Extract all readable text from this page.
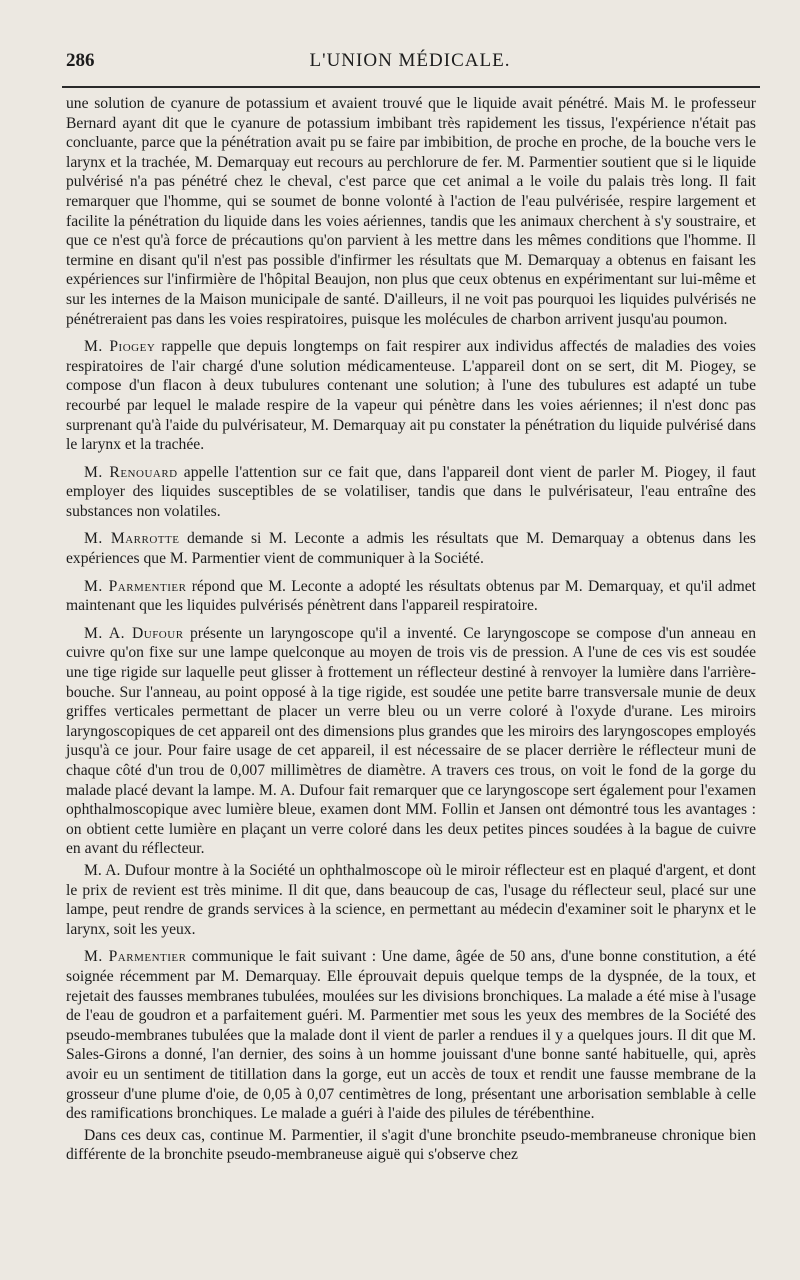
286	L'UNION MÉDICALE.

une solution de cyanure de potassium et avaient trouvé que le liquide avait pénétré. Mais M. le professeur Bernard ayant dit que le cyanure de potassium imbibant très rapidement les tissus, l'expérience n'était pas concluante, parce que la pénétration avait pu se faire par imbibition, de proche en proche, de la bouche vers le larynx et la trachée, M. Demarquay eut recours au perchlorure de fer. M. Parmentier soutient que si le liquide pulvérisé n'a pas pénétré chez le cheval, c'est parce que cet animal a le voile du palais très long. Il fait remarquer que l'homme, qui se soumet de bonne volonté à l'action de l'eau pulvérisée, respire largement et facilite la pénétration du liquide dans les voies aériennes, tandis que les animaux cherchent à s'y soustraire, et que ce n'est qu'à force de précautions qu'on parvient à les mettre dans les mêmes conditions que l'homme. Il termine en disant qu'il n'est pas possible d'infirmer les résultats que M. Demarquay a obtenus en faisant les expériences sur l'infirmière de l'hôpital Beaujon, non plus que ceux obtenus en expérimentant sur lui-même et sur les internes de la Maison municipale de santé. D'ailleurs, il ne voit pas pourquoi les liquides pulvérisés ne pénétreraient pas dans les voies respiratoires, puisque les molécules de charbon arrivent jusqu'au poumon.

M. Piogey rappelle que depuis longtemps on fait respirer aux individus affectés de maladies des voies respiratoires de l'air chargé d'une solution médicamenteuse. L'appareil dont on se sert, dit M. Piogey, se compose d'un flacon à deux tubulures contenant une solution; à l'une des tubulures est adapté un tube recourbé par lequel le malade respire de la vapeur qui pénètre dans les voies aériennes; il n'est donc pas surprenant qu'à l'aide du pulvérisateur, M. Demarquay ait pu constater la pénétration du liquide pulvérisé dans le larynx et la trachée.

M. Renouard appelle l'attention sur ce fait que, dans l'appareil dont vient de parler M. Piogey, il faut employer des liquides susceptibles de se volatiliser, tandis que dans le pulvérisateur, l'eau entraîne des substances non volatiles.

M. Marrotte demande si M. Leconte a admis les résultats que M. Demarquay a obtenus dans les expériences que M. Parmentier vient de communiquer à la Société.

M. Parmentier répond que M. Leconte a adopté les résultats obtenus par M. Demarquay, et qu'il admet maintenant que les liquides pulvérisés pénètrent dans l'appareil respiratoire.

M. A. Dufour présente un laryngoscope qu'il a inventé. Ce laryngoscope se compose d'un anneau en cuivre qu'on fixe sur une lampe quelconque au moyen de trois vis de pression. A l'une de ces vis est soudée une tige rigide sur laquelle peut glisser à frottement un réflecteur destiné à renvoyer la lumière dans l'arrière-bouche. Sur l'anneau, au point opposé à la tige rigide, est soudée une petite barre transversale munie de deux griffes verticales permettant de placer un verre bleu ou un verre coloré à l'oxyde d'urane. Les miroirs laryngoscopiques de cet appareil ont des dimensions plus grandes que les miroirs des laryngoscopes employés jusqu'à ce jour. Pour faire usage de cet appareil, il est nécessaire de se placer derrière le réflecteur muni de chaque côté d'un trou de 0,007 millimètres de diamètre. A travers ces trous, on voit le fond de la gorge du malade placé devant la lampe. M. A. Dufour fait remarquer que ce laryngoscope sert également pour l'examen ophthalmoscopique avec lumière bleue, examen dont MM. Follin et Jansen ont démontré tous les avantages : on obtient cette lumière en plaçant un verre coloré dans les deux petites pinces soudées à la bague de cuivre en avant du réflecteur.

M. A. Dufour montre à la Société un ophthalmoscope où le miroir réflecteur est en plaqué d'argent, et dont le prix de revient est très minime. Il dit que, dans beaucoup de cas, l'usage du réflecteur seul, placé sur une lampe, peut rendre de grands services à la science, en permettant au médecin d'examiner soit le pharynx et le larynx, soit les yeux.

M. Parmentier communique le fait suivant : Une dame, âgée de 50 ans, d'une bonne constitution, a été soignée récemment par M. Demarquay. Elle éprouvait depuis quelque temps de la dyspnée, de la toux, et rejetait des fausses membranes tubulées, moulées sur les divisions bronchiques. La malade a été mise à l'usage de l'eau de goudron et a parfaitement guéri. M. Parmentier met sous les yeux des membres de la Société des pseudo-membranes tubulées que la malade dont il vient de parler a rendues il y a quelques jours. Il dit que M. Sales-Girons a donné, l'an dernier, des soins à un homme jouissant d'une bonne santé habituelle, qui, après avoir eu un sentiment de titillation dans la gorge, eut un accès de toux et rendit une fausse membrane de la grosseur d'une plume d'oie, de 0,05 à 0,07 centimètres de long, présentant une arborisation semblable à celle des ramifications bronchiques. Le malade a guéri à l'aide des pilules de térébenthine.

Dans ces deux cas, continue M. Parmentier, il s'agit d'une bronchite pseudo-membraneuse chronique bien différente de la bronchite pseudo-membraneuse aiguë qui s'observe chez
